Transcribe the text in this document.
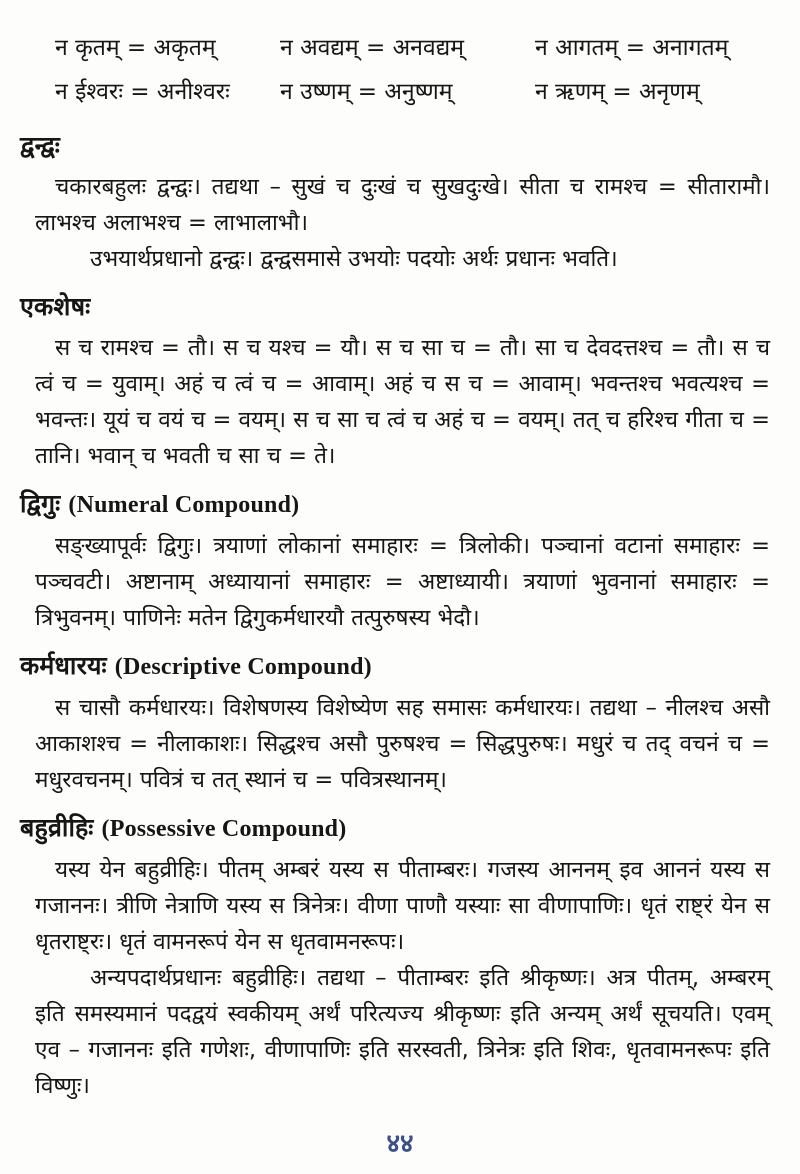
न कृतम् = अकृतम्	न अवद्यम् = अनवद्यम्	न आगतम् = अनागतम्
न ईश्वरः = अनीश्वरः	न उष्णम् = अनुष्णम्	न ऋणम् = अनृणम्
द्वन्द्वः

चकारबहुलः द्वन्द्वः। तद्यथा – सुखं च दुःखं च सुखदुःखे। सीता च रामश्च = सीतारामौ। लाभश्च अलाभश्च = लाभालाभौ।

उभयार्थप्रधानो द्वन्द्वः। द्वन्द्वसमासे उभयोः पदयोः अर्थः प्रधानः भवति।

एकशेषः

स च रामश्च = तौ। स च यश्च = यौ। स च सा च = तौ। सा च देवदत्तश्च = तौ। स च त्वं च = युवाम्। अहं च त्वं च = आवाम्। अहं च स च = आवाम्। भवन्तश्च भवत्यश्च = भवन्तः। यूयं च वयं च = वयम्। स च सा च त्वं च अहं च = वयम्। तत् च हरिश्च गीता च = तानि। भवान् च भवती च सा च = ते।

द्विगुः (Numeral Compound)

सङ्ख्यापूर्वः द्विगुः। त्रयाणां लोकानां समाहारः = त्रिलोकी। पञ्चानां वटानां समाहारः = पञ्चवटी। अष्टानाम् अध्यायानां समाहारः = अष्टाध्यायी। त्रयाणां भुवनानां समाहारः = त्रिभुवनम्। पाणिनेः मतेन द्विगुकर्मधारयौ तत्पुरुषस्य भेदौ।

कर्मधारयः (Descriptive Compound)

स चासौ कर्मधारयः। विशेषणस्य विशेष्येण सह समासः कर्मधारयः। तद्यथा – नीलश्च असौ आकाशश्च = नीलाकाशः। सिद्धश्च असौ पुरुषश्च = सिद्धपुरुषः। मधुरं च तद् वचनं च = मधुरवचनम्। पवित्रं च तत् स्थानं च = पवित्रस्थानम्।

बहुव्रीहिः (Possessive Compound)

यस्य येन बहुव्रीहिः। पीतम् अम्बरं यस्य स पीताम्बरः। गजस्य आननम् इव आननं यस्य स गजाननः। त्रीणि नेत्राणि यस्य स त्रिनेत्रः। वीणा पाणौ यस्याः सा वीणापाणिः। धृतं राष्ट्रं येन स धृतराष्ट्रः। धृतं वामनरूपं येन स धृतवामनरूपः।

अन्यपदार्थप्रधानः बहुव्रीहिः। तद्यथा – पीताम्बरः इति श्रीकृष्णः। अत्र पीतम्, अम्बरम् इति समस्यमानं पदद्वयं स्वकीयम् अर्थं परित्यज्य श्रीकृष्णः इति अन्यम् अर्थं सूचयति। एवम् एव – गजाननः इति गणेशः, वीणापाणिः इति सरस्वती, त्रिनेत्रः इति शिवः, धृतवामनरूपः इति विष्णुः।

४४
